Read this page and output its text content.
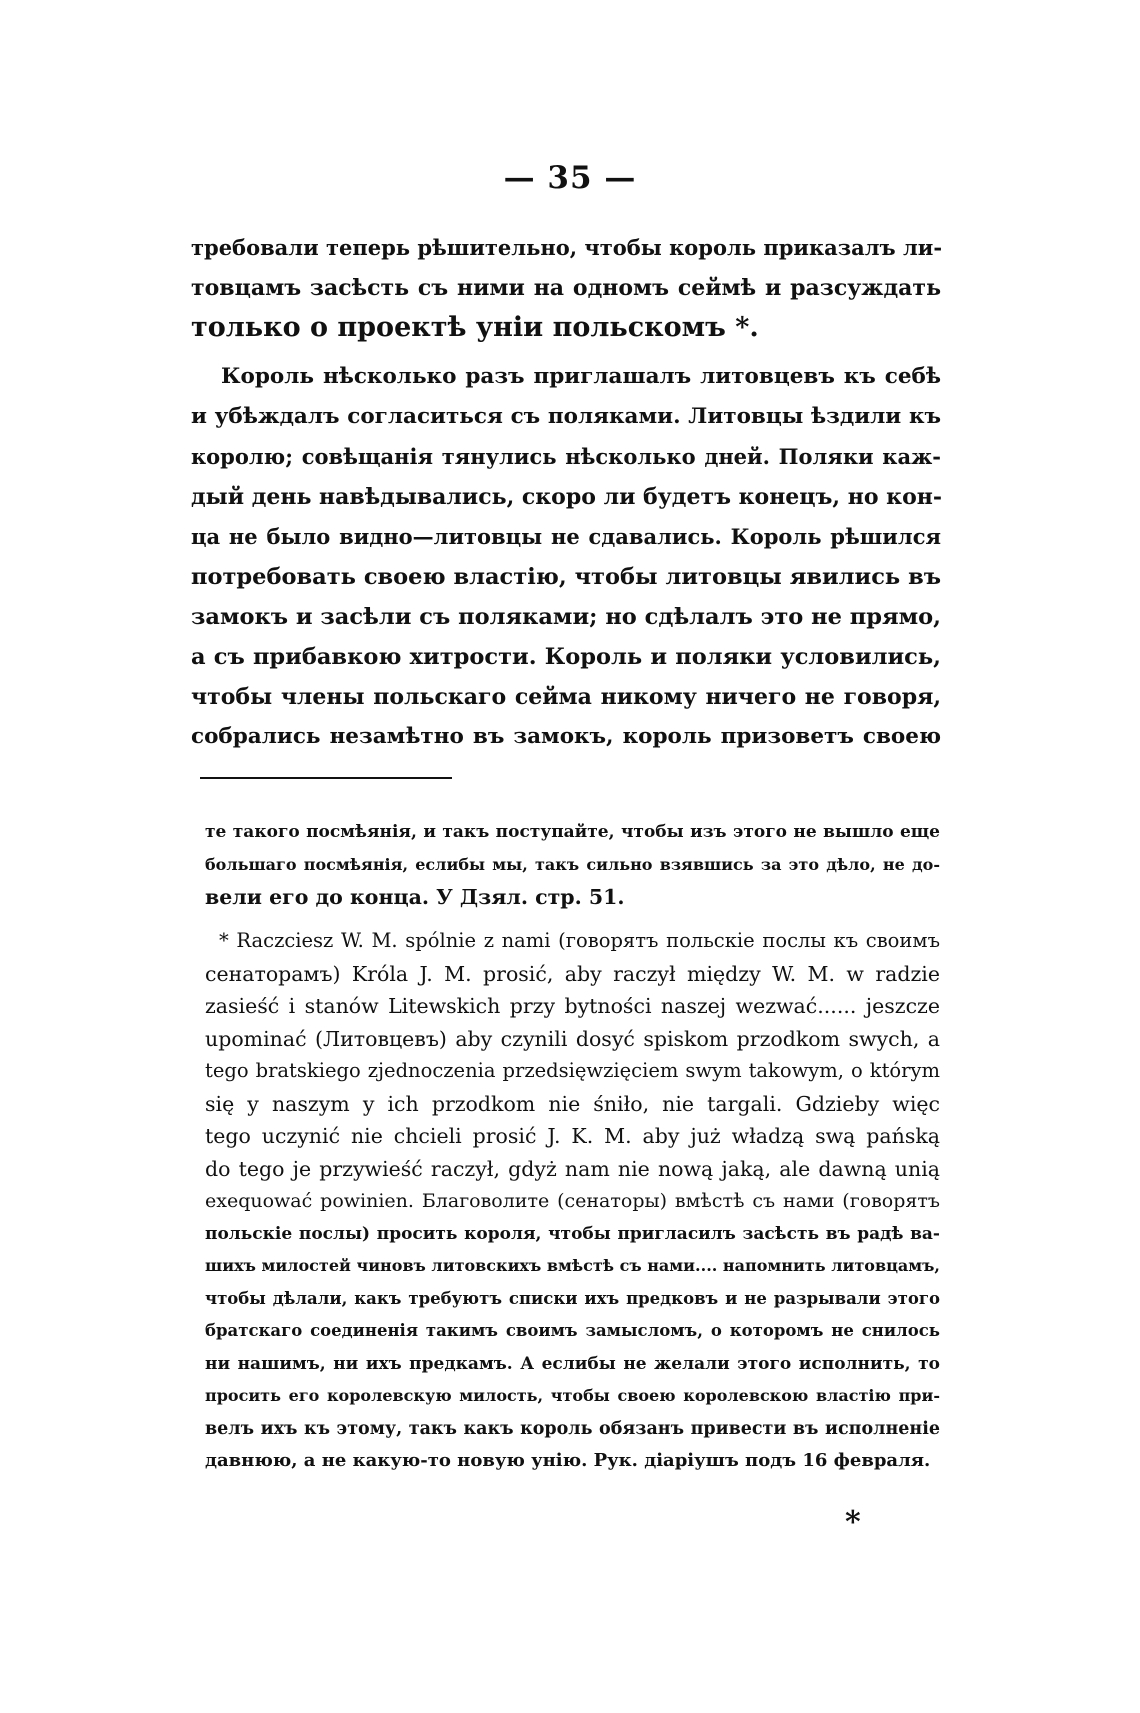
— 35 —
требовали теперь рѣшительно, чтобы король приказалъ ли-
товцамъ засѣсть съ ними на одномъ сеймѣ и разсуждать
только о проектѣ уніи польскомъ *.
Король нѣсколько разъ приглашалъ литовцевъ къ себѣ
и убѣждалъ согласиться съ поляками. Литовцы ѣздили къ
королю; совѣщанія тянулись нѣсколько дней. Поляки каж-
дый день навѣдывались, скоро ли будетъ конецъ, но кон-
ца не было видно—литовцы не сдавались. Король рѣшился
потребовать своею властію, чтобы литовцы явились въ
замокъ и засѣли съ поляками; но сдѣлалъ это не прямо,
а съ прибавкою хитрости. Король и поляки условились,
чтобы члены польскаго сейма никому ничего не говоря,
собрались незамѣтно въ замокъ, король призоветъ своею
те такого посмѣянія, и такъ поступайте, чтобы изъ этого не вышло еще
большаго посмѣянія, еслибы мы, такъ сильно взявшись за это дѣло, не до-
вели его до конца. У Дзял. стр. 51.
* Raczciesz W. M. spólnie z nami (говорятъ польскіе послы къ своимъ
сенаторамъ) Króla J. M. prosić, aby raczył między W. M. w radzie
zasieść i stanów Litewskich przy bytności naszej wezwać...... jeszcze
upominać (Литовцевъ) aby czynili dosyć spiskom przodkom swych, a
tego bratskiego zjednoczenia przedsięwzięciem swym takowym, o którym
się y naszym y ich przodkom nie śniło, nie targali. Gdzieby więc
tego uczynić nie chcieli prosić J. K. M. aby już władzą swą pańską
do tego je przywieść raczył, gdyż nam nie nową jaką, ale dawną unią
exequować powinien. Благоволите (сенаторы) вмѣстѣ съ нами (говорятъ
польскіе послы) просить короля, чтобы пригласилъ засѣсть въ радѣ ва-
шихъ милостей чиновъ литовскихъ вмѣстѣ съ нами.... напомнить литовцамъ,
чтобы дѣлали, какъ требуютъ списки ихъ предковъ и не разрывали этого
братскаго соединенія такимъ своимъ замысломъ, о которомъ не снилось
ни нашимъ, ни ихъ предкамъ. А еслибы не желали этого исполнить, то
просить его королевскую милость, чтобы своею королевскою властію при-
велъ ихъ къ этому, такъ какъ король обязанъ привести въ исполненіе
давнюю, а не какую-то новую унію. Рук. діаріушъ подъ 16 февраля.
*
